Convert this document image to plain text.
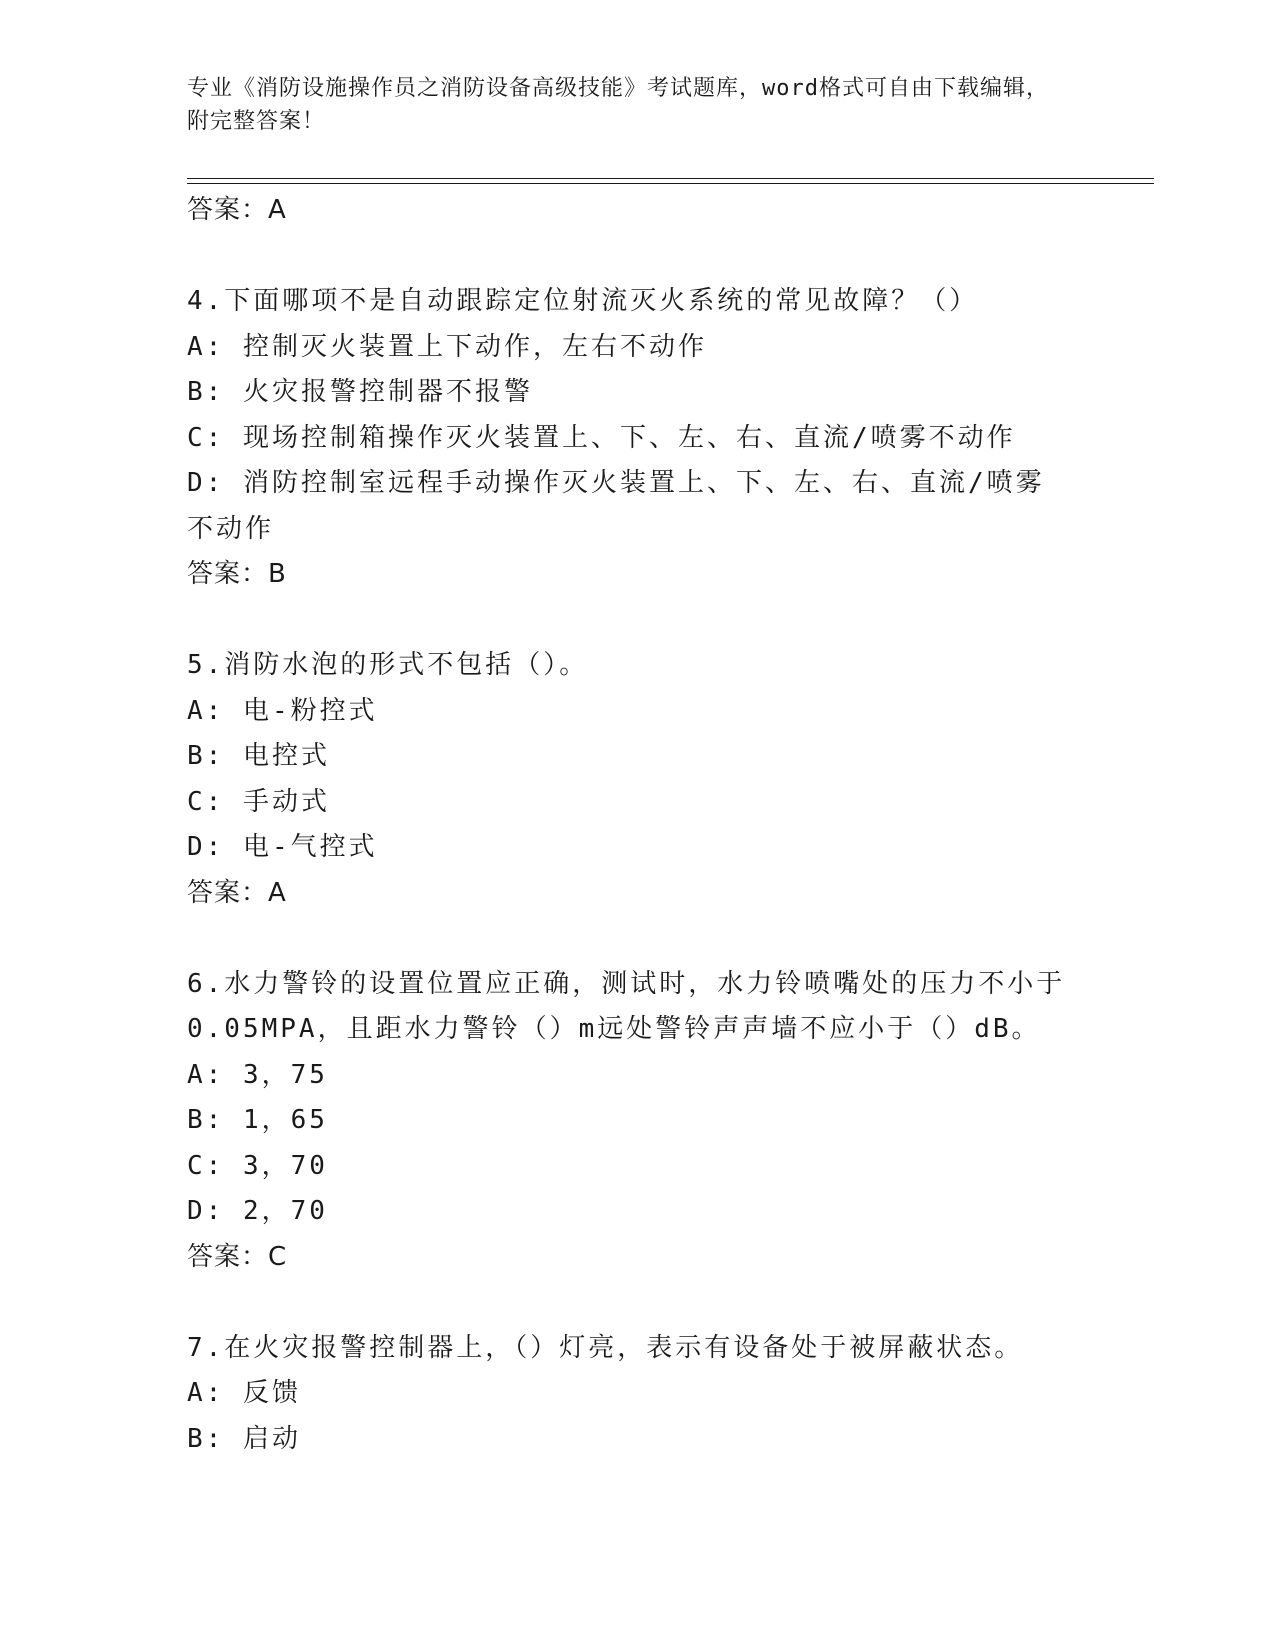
专业《消防设施操作员之消防设备高级技能》考试题库，word格式可自由下载编辑，附完整答案！
答案：A
4.下面哪项不是自动跟踪定位射流灭火系统的常见故障？（）
A: 控制灭火装置上下动作，左右不动作
B: 火灾报警控制器不报警
C: 现场控制箱操作灭火装置上、下、左、右、直流/喷雾不动作
D: 消防控制室远程手动操作灭火装置上、下、左、右、直流/喷雾不动作
答案：B
5.消防水泡的形式不包括（）。
A: 电-粉控式
B: 电控式
C: 手动式
D: 电-气控式
答案：A
6.水力警铃的设置位置应正确，测试时，水力铃喷嘴处的压力不小于0.05MPA，且距水力警铃（）m远处警铃声声墙不应小于（）dB。
A: 3，75
B: 1，65
C: 3，70
D: 2，70
答案：C
7.在火灾报警控制器上，（）灯亮，表示有设备处于被屏蔽状态。
A: 反馈
B: 启动
